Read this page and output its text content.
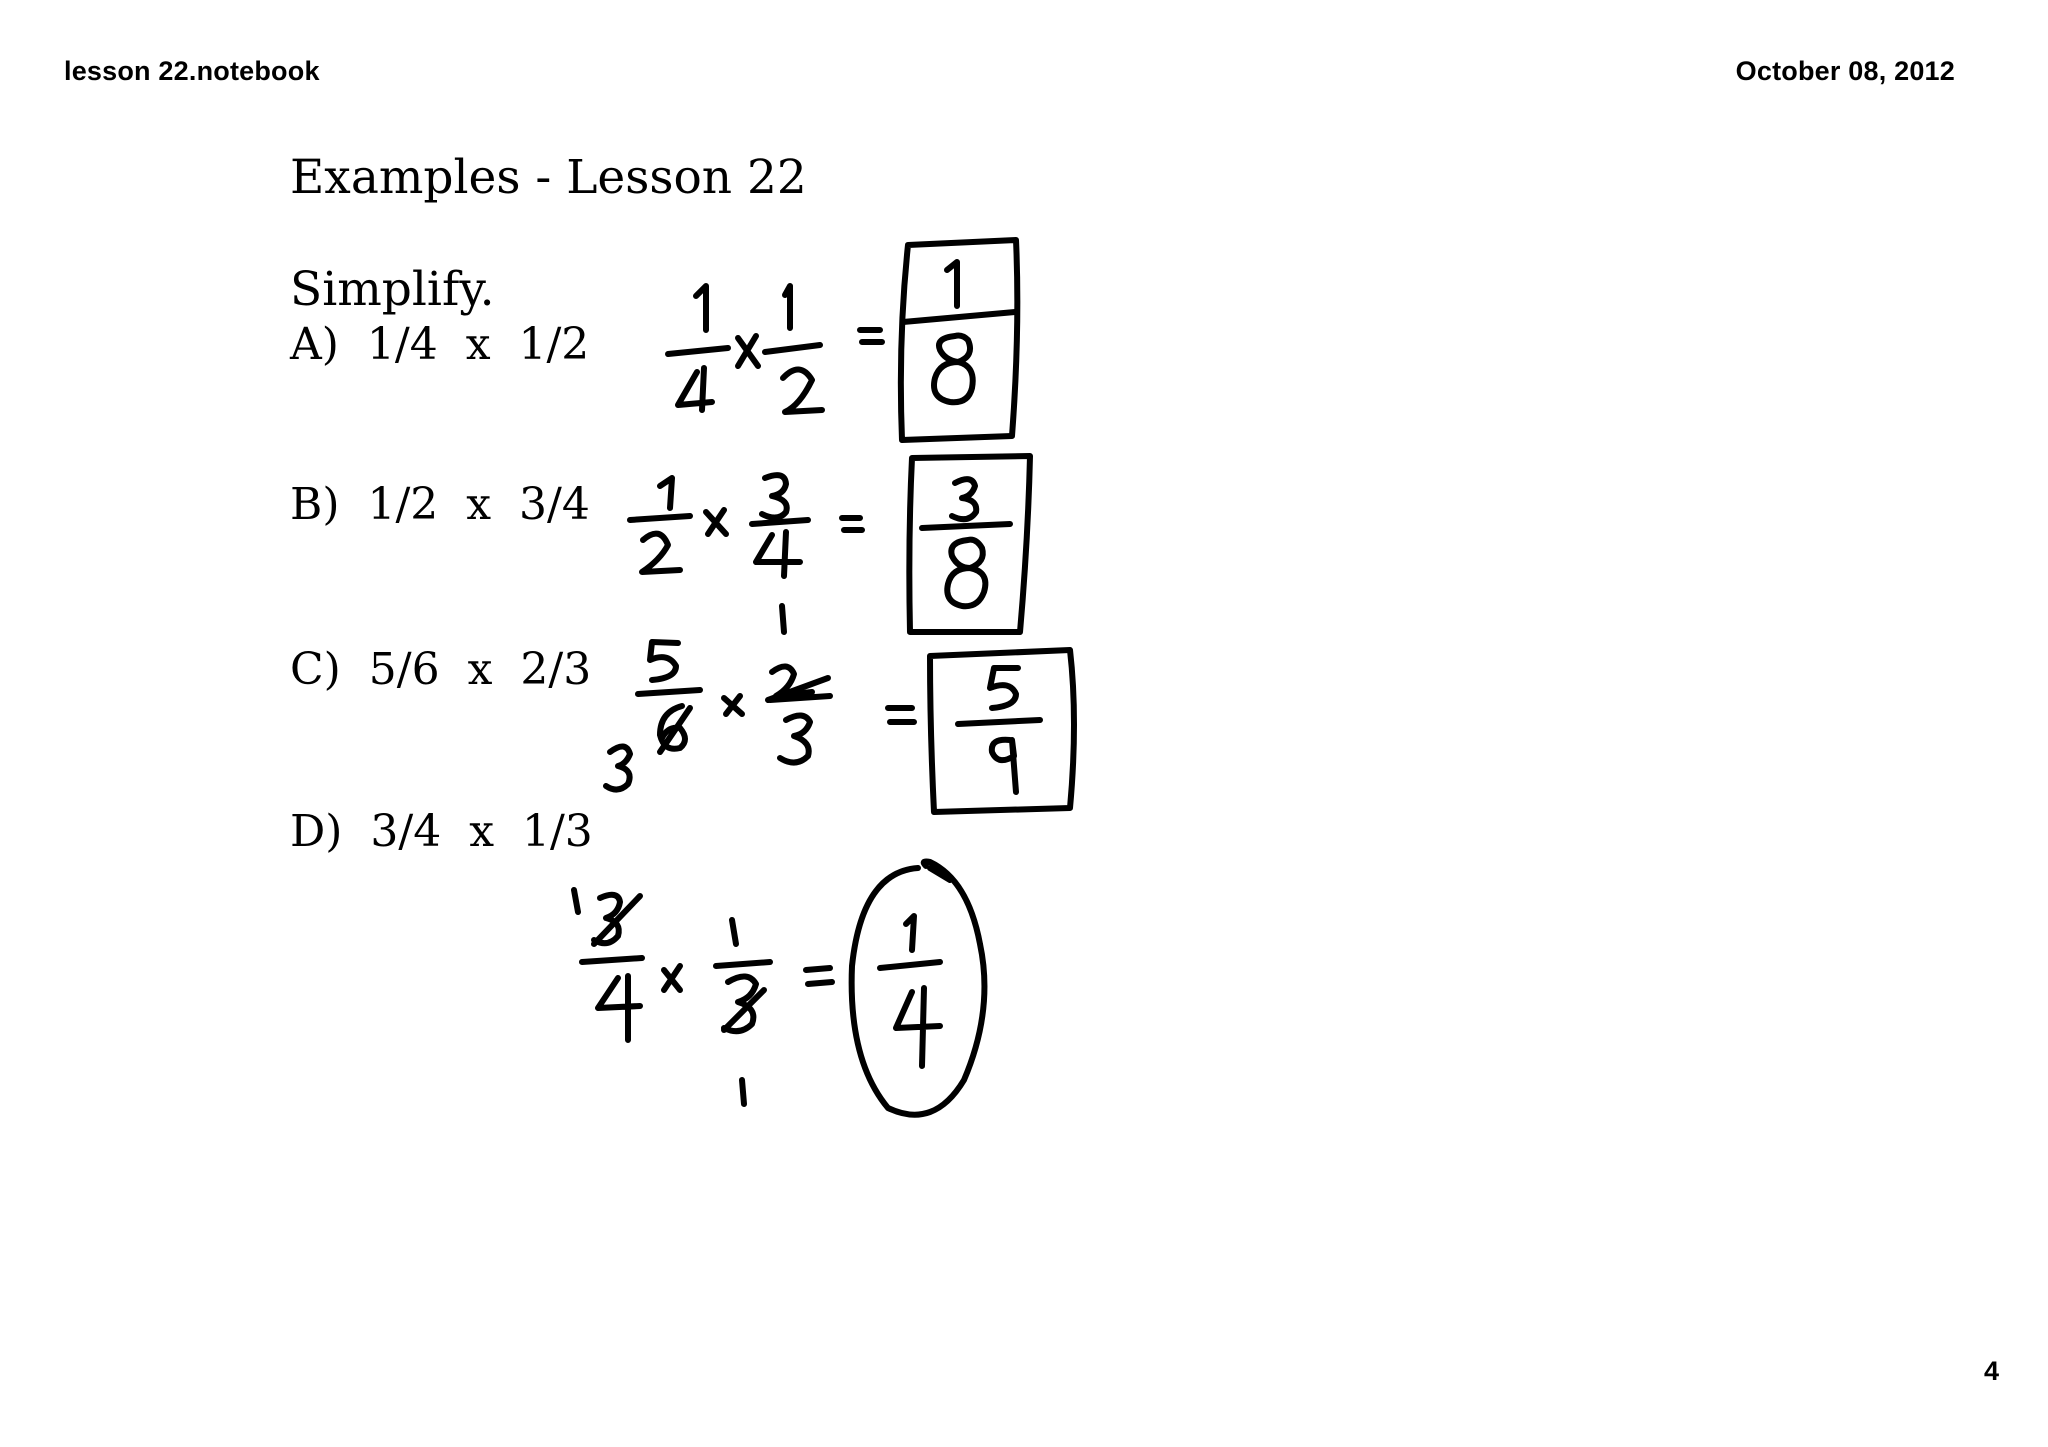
lesson 22.notebook	October 08, 2012
Examples - Lesson 22
Simplify.
A)  1/4  x  1/2
B)  1/2  x  3/4
C)  5/6  x  2/3
D)  3/4  x  1/3
4
